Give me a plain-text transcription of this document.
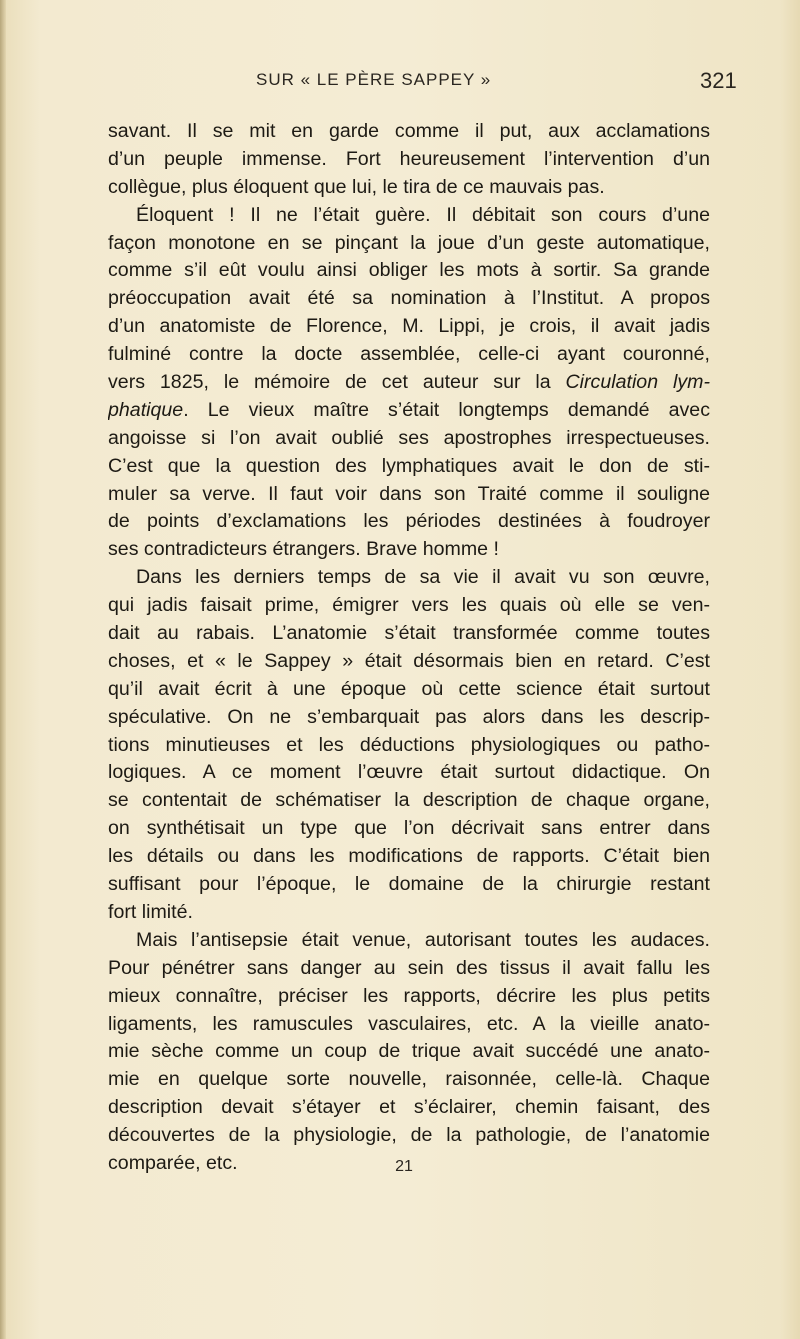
SUR « LE PÈRE SAPPEY »	321
savant. Il se mit en garde comme il put, aux acclamations
d’un peuple immense. Fort heureusement l’intervention d’un
collègue, plus éloquent que lui, le tira de ce mauvais pas.
Éloquent ! Il ne l’était guère. Il débitait son cours d’une
façon monotone en se pinçant la joue d’un geste automatique,
comme s’il eût voulu ainsi obliger les mots à sortir. Sa grande
préoccupation avait été sa nomination à l’Institut. A propos
d’un anatomiste de Florence, M. Lippi, je crois, il avait jadis
fulminé contre la docte assemblée, celle-ci ayant couronné,
vers 1825, le mémoire de cet auteur sur la Circulation lym-
phatique. Le vieux maître s’était longtemps demandé avec
angoisse si l’on avait oublié ses apostrophes irrespectueuses.
C’est que la question des lymphatiques avait le don de sti-
muler sa verve. Il faut voir dans son Traité comme il souligne
de points d’exclamations les périodes destinées à foudroyer
ses contradicteurs étrangers. Brave homme !
Dans les derniers temps de sa vie il avait vu son œuvre,
qui jadis faisait prime, émigrer vers les quais où elle se ven-
dait au rabais. L’anatomie s’était transformée comme toutes
choses, et « le Sappey » était désormais bien en retard. C’est
qu’il avait écrit à une époque où cette science était surtout
spéculative. On ne s’embarquait pas alors dans les descrip-
tions minutieuses et les déductions physiologiques ou patho-
logiques. A ce moment l’œuvre était surtout didactique. On
se contentait de schématiser la description de chaque organe,
on synthétisait un type que l’on décrivait sans entrer dans
les détails ou dans les modifications de rapports. C’était bien
suffisant pour l’époque, le domaine de la chirurgie restant
fort limité.
Mais l’antisepsie était venue, autorisant toutes les audaces.
Pour pénétrer sans danger au sein des tissus il avait fallu les
mieux connaître, préciser les rapports, décrire les plus petits
ligaments, les ramuscules vasculaires, etc. A la vieille anato-
mie sèche comme un coup de trique avait succédé une anato-
mie en quelque sorte nouvelle, raisonnée, celle-là. Chaque
description devait s’étayer et s’éclairer, chemin faisant, des
découvertes de la physiologie, de la pathologie, de l’anatomie
comparée, etc.	21
